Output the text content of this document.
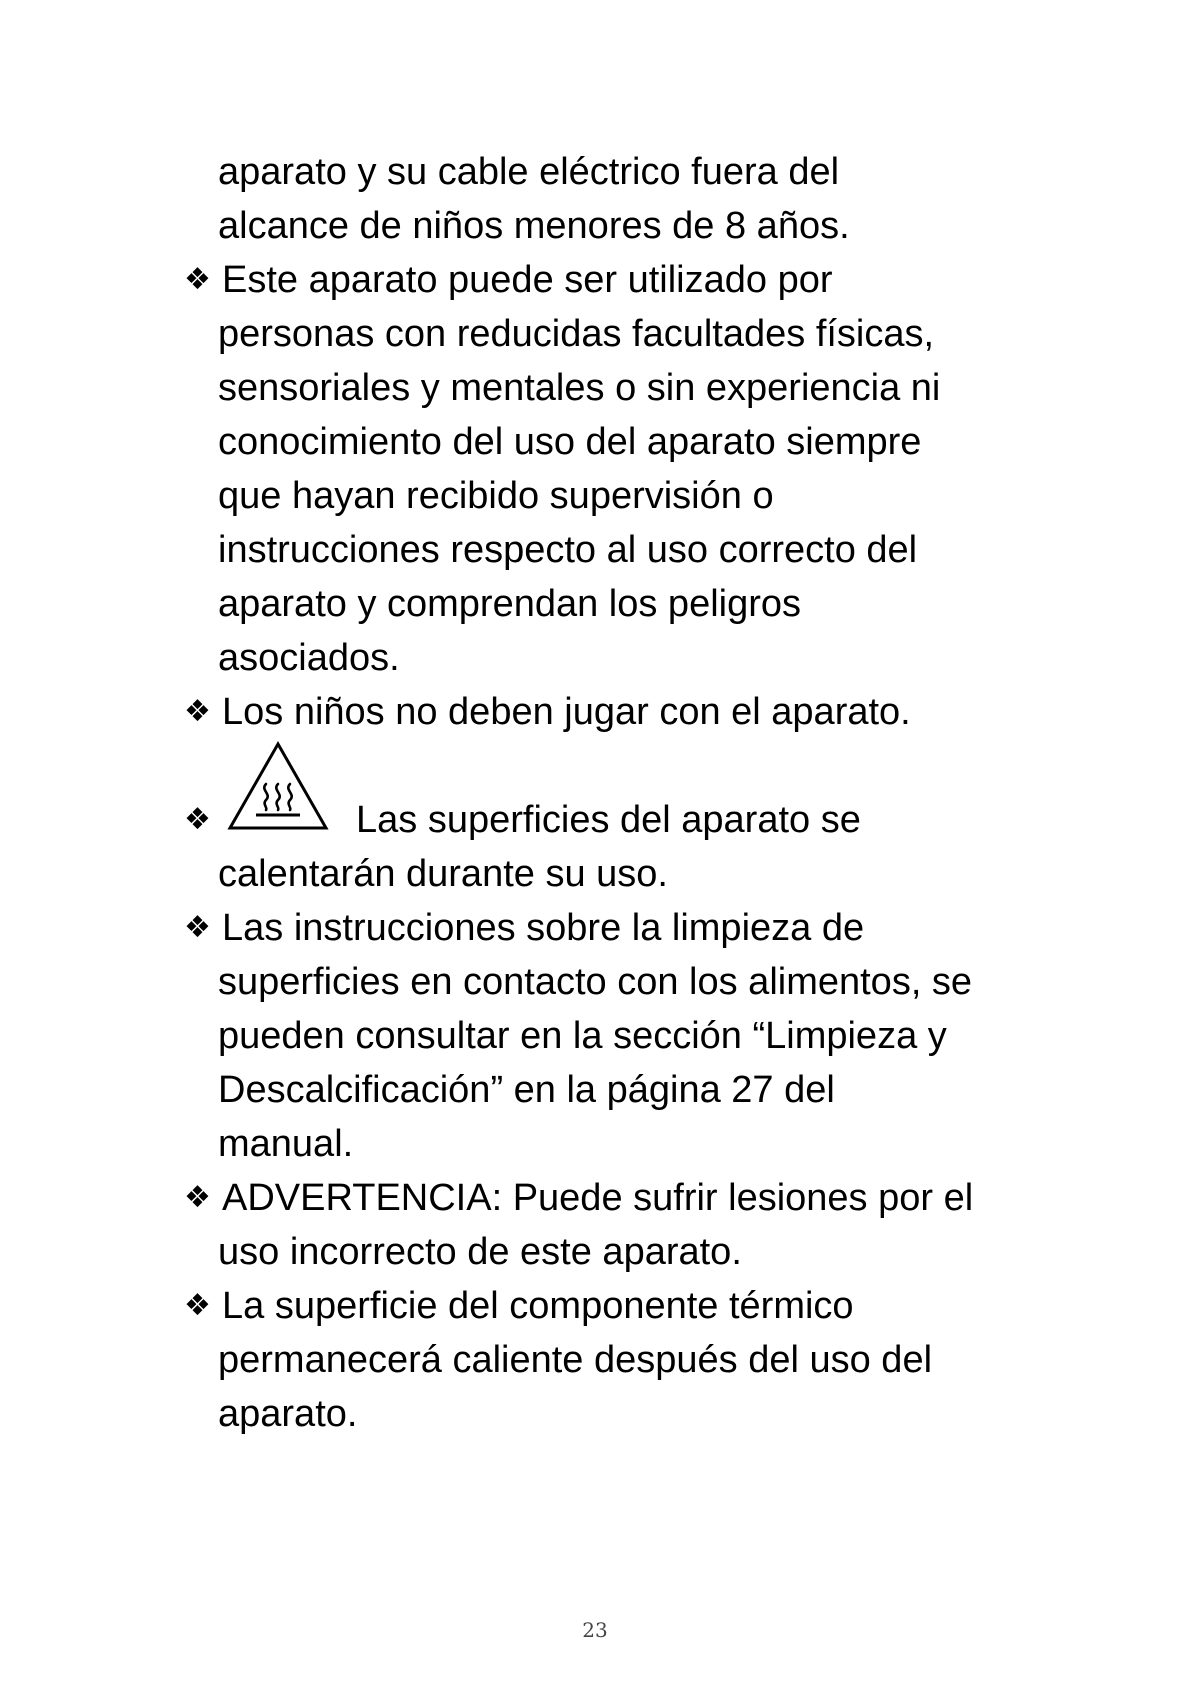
aparato y su cable eléctrico fuera del
alcance de niños menores de 8 años.
❖ Este aparato puede ser utilizado por
personas con reducidas facultades físicas,
sensoriales y mentales o sin experiencia ni
conocimiento del uso del aparato siempre
que hayan recibido supervisión o
instrucciones respecto al uso correcto del
aparato y comprendan los peligros
asociados.
❖ Los niños no deben jugar con el aparato.
❖	Las superficies del aparato se
calentarán durante su uso.
❖ Las instrucciones sobre la limpieza de
superficies en contacto con los alimentos, se
pueden consultar en la sección “Limpieza y
Descalcificación” en la página 27 del
manual.
❖ ADVERTENCIA: Puede sufrir lesiones por el
uso incorrecto de este aparato.
❖ La superficie del componente térmico
permanecerá caliente después del uso del
aparato.
23
